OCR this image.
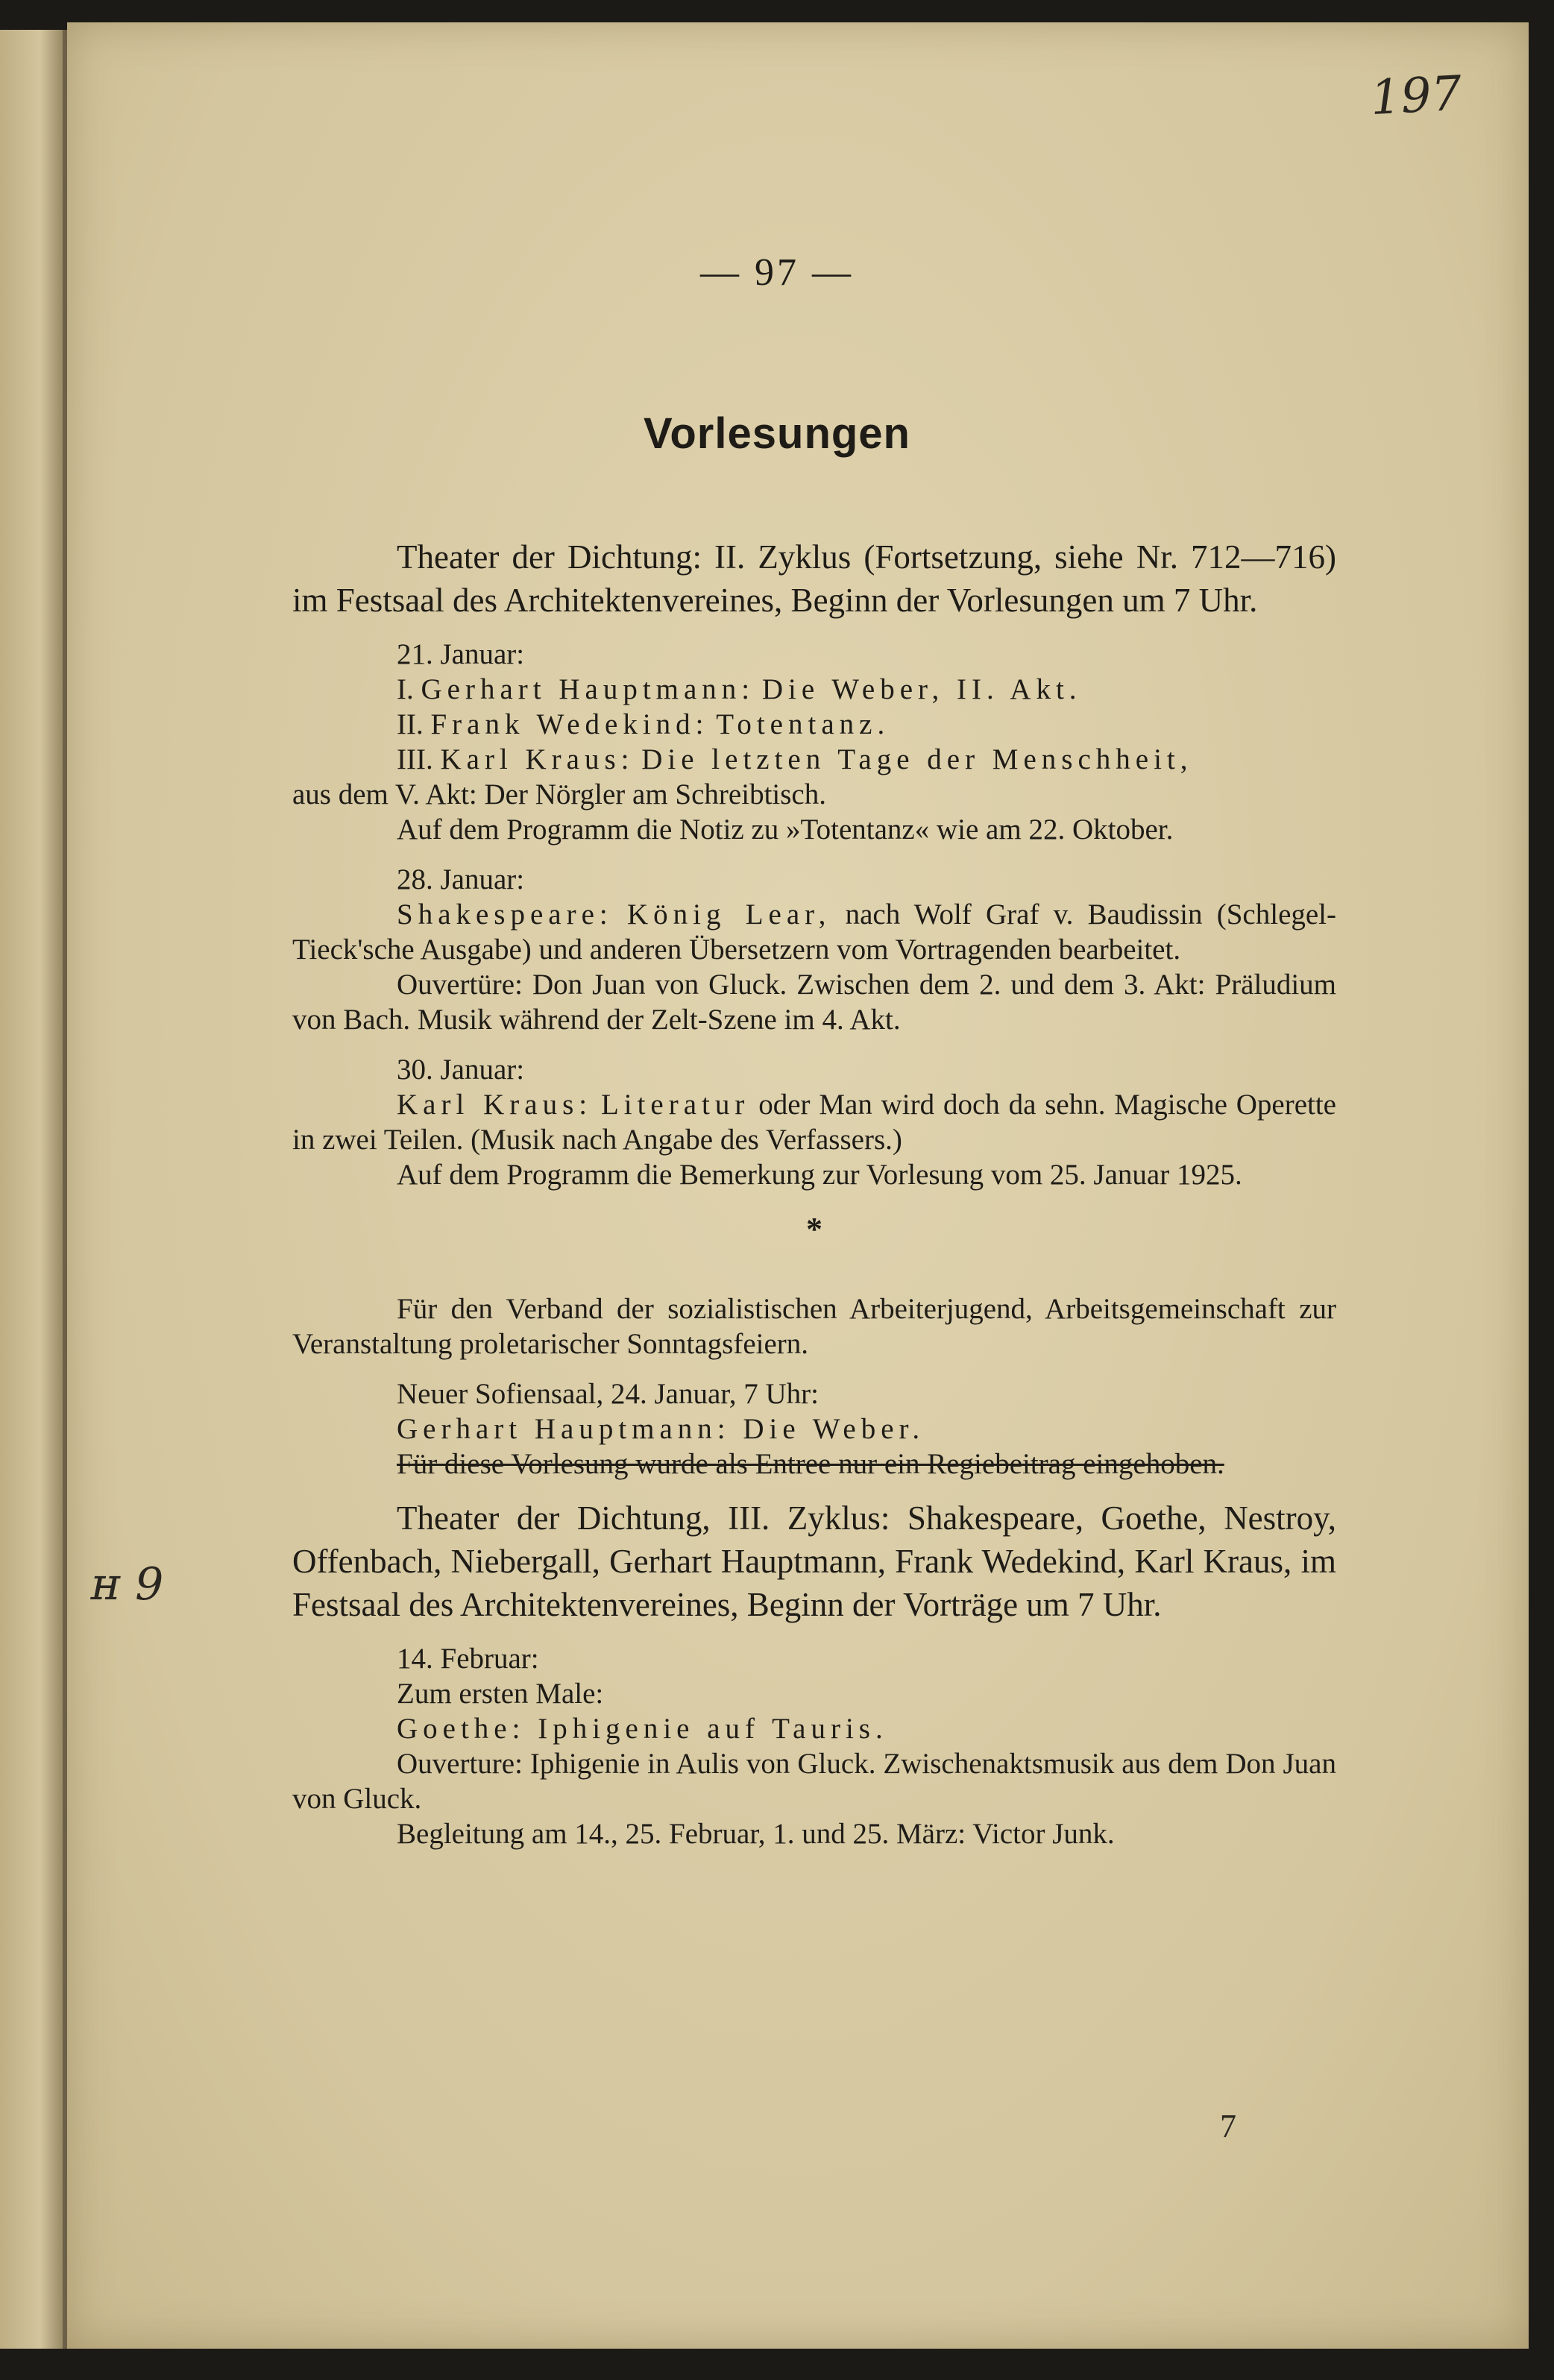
197
— 97 —
Vorlesungen

Theater der Dichtung: II. Zyklus (Fortsetzung, siehe Nr. 712—716) im Festsaal des Architektenvereines, Beginn der Vorlesungen um 7 Uhr.

21. Januar:

I. Gerhart Hauptmann: Die Weber, II. Akt.

II. Frank Wedekind: Totentanz.

III. Karl Kraus: Die letzten Tage der Menschheit,

aus dem V. Akt: Der Nörgler am Schreibtisch.

Auf dem Programm die Notiz zu »Totentanz« wie am 22. Oktober.

28. Januar:

Shakespeare: König Lear, nach Wolf Graf v. Baudissin (Schlegel-Tieck'sche Ausgabe) und anderen Übersetzern vom Vortragenden bearbeitet.

Ouvertüre: Don Juan von Gluck. Zwischen dem 2. und dem 3. Akt: Präludium von Bach. Musik während der Zelt-Szene im 4. Akt.

30. Januar:

Karl Kraus: Literatur oder Man wird doch da sehn. Magische Operette in zwei Teilen. (Musik nach Angabe des Verfassers.)

Auf dem Programm die Bemerkung zur Vorlesung vom 25. Januar 1925.

*

Für den Verband der sozialistischen Arbeiterjugend, Arbeitsgemeinschaft zur Veranstaltung proletarischer Sonntagsfeiern.

Neuer Sofiensaal, 24. Januar, 7 Uhr:

Gerhart Hauptmann: Die Weber.

Für diese Vorlesung wurde als Entree nur ein Regiebeitrag eingehoben.

Theater der Dichtung, III. Zyklus: Shakespeare, Goethe, Nestroy, Offenbach, Niebergall, Gerhart Hauptmann, Frank Wedekind, Karl Kraus, im Festsaal des Architektenvereines, Beginn der Vorträge um 7 Uhr.

14. Februar:

Zum ersten Male:

Goethe: Iphigenie auf Tauris.

Ouverture: Iphigenie in Aulis von Gluck. Zwischenaktsmusik aus dem Don Juan von Gluck.

Begleitung am 14., 25. Februar, 1. und 25. März: Victor Junk.

ʜ 9
7
